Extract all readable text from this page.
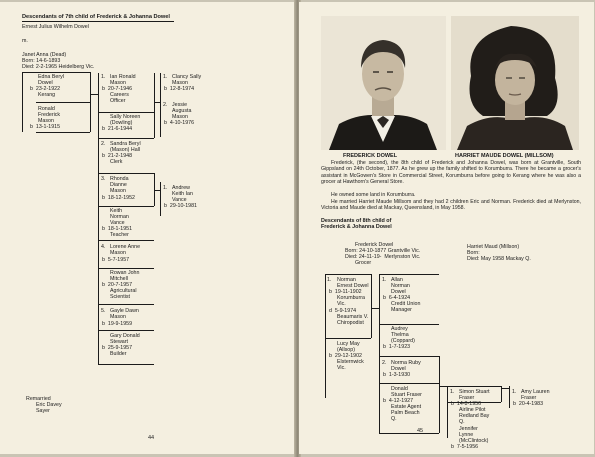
Descendants of 7th child of Frederick & Johanna Dowel
Ernest Julius Wilhelm Dowel
m.
Janet Anna (Dead)
Born: 14-6-1893
Died: 2-2-1965 Heidelberg Vic.
Edna Beryl
Dowel
b  23-2-1922
Kerang
Ronald
Frederick
Mason
b  13-1-1915
1. Ian Ronald
Mason
b  20-7-1946
Careers
Officer
Sally Noreen
(Dowling)
b  21-6-1944
2. Sandra Beryl
(Mason) Hall
b  21-2-1948
Clerk
3. Rhonda
Dianne
Mason
b  18-12-1952
Keith
Norman
Vance
b  18-1-1951
Teacher
4. Lorene Anne
Mason
b  5-7-1957
Rowan John
Mitchell
b  20-7-1957
Agricultural
Scientist
5. Gayle Dawn
Mason
b  19-9-1959
Gary Donald
Stewart
b  25-9-1957
Builder
1. Clancy Sally
Mason
b  12-8-1974
2. Jessie
Augusta
Mason
b  4-10-1976
1. Andrew
Keith Ian
Vance
b  29-10-1981
Remarried
Eric Davey
Sayer
44
FREDERICK DOWEL	HARRIET MAUDE DOWEL (MILLSOM)
Frederick, (the second), the 8th child of Frederick and Johanna Dowel, was born at Grantville, South Gippsland on 24th October, 1877. As he grew up the family shifted to Korumburra. There he became a grocer's assistant in McGowen's Store in Commercial Street, Korumburra before going to Kerang where he was also a grocer at Hawthorn's General Store.
He owned some land in Korumburra.
He married Harriet Maude Millsom and they had 2 children Eric and Norman. Frederick died at Merlynston, Victoria and Maude died at Mackay, Queensland, in May 1958.
Descendants of 8th child of
Frederick & Johanna Dowel
Frederick Dowel
Born: 24-10-1877 Grantville Vic.
Died: 24-11-19-  Merlynston Vic.
Grocer
Harriet Maud (Millson)
Born:
Died: May 1958 Mackay Q.
1. Norman
Ernest Dowel
b  19-11-1902
Korumburra
Vic.
d  5-9-1974
Beaumaris V.
Chiropodist
Lucy May
(Allsop)
b  29-12-1902
Elsternwick
Vic.
1. Allan
Norman
Dowel
b  6-4-1924
Credit Union
Manager
Audrey
Thelma
(Coppard)
b  1-7-1923
2. Norma Ruby
Dowel
b  1-3-1930
Donald
Stuart Fraser
b  4-12-1927
Estate Agent
Palm Beach
Q.
1. Simon Stuart
Fraser
b  14-8-1956
Airline Pilot
Redland Bay
Q.
Jennifer
Lynne
(McClintock)
b  7-5-1956
1. Amy Lauren
Fraser
b  20-4-1983
45
